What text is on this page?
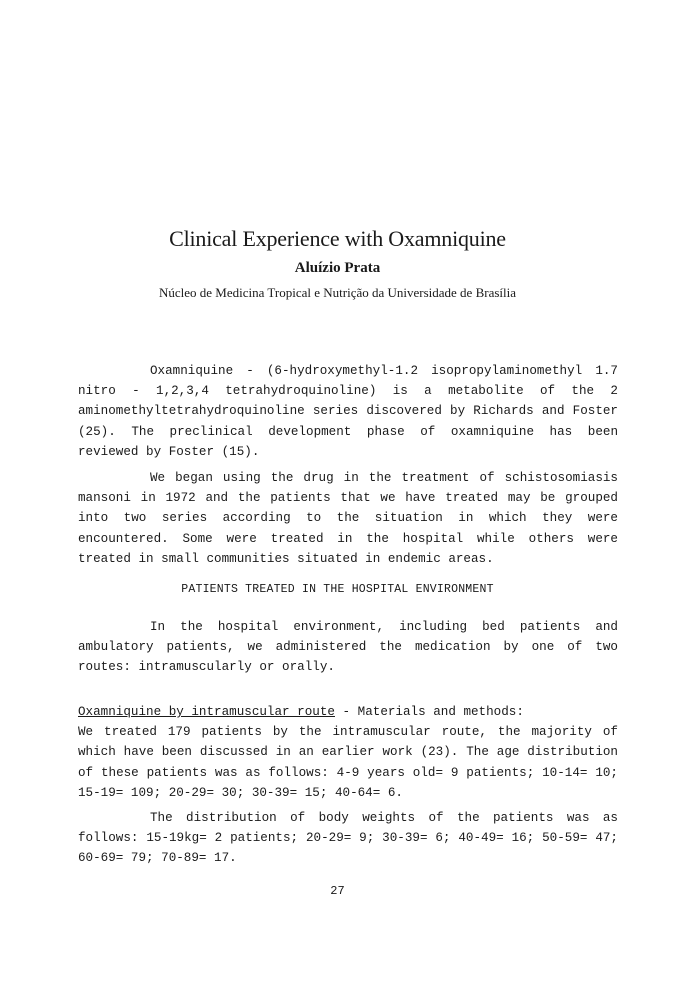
Clinical Experience with Oxamniquine
Aluízio Prata
Núcleo de Medicina Tropical e Nutrição da Universidade de Brasília

Oxamniquine - (6-hydroxymethyl-1.2 isopropylaminomethyl 1.7 nitro - 1,2,3,4 tetrahydroquinoline) is a metabolite of the 2 aminomethyltetrahydroquinoline series discovered by Richards and Foster (25). The preclinical development phase of oxamniquine has been reviewed by Foster (15).

We began using the drug in the treatment of schistosomiasis mansoni in 1972 and the patients that we have treated may be grouped into two series according to the situation in which they were encountered. Some were treated in the hospital while others were treated in small communities situated in endemic areas.

PATIENTS TREATED IN THE HOSPITAL ENVIRONMENT

In the hospital environment, including bed patients and ambulatory patients, we administered the medication by one of two routes: intramuscularly or orally.

Oxamniquine by intramuscular route - Materials and methods:

We treated 179 patients by the intramuscular route, the majority of which have been discussed in an earlier work (23). The age distribution of these patients was as follows: 4-9 years old= 9 patients; 10-14= 10; 15-19= 109; 20-29= 30; 30-39= 15; 40-64= 6.

The distribution of body weights of the patients was as follows: 15-19kg= 2 patients; 20-29= 9; 30-39= 6; 40-49= 16; 50-59= 47; 60-69= 79; 70-89= 17.

27
